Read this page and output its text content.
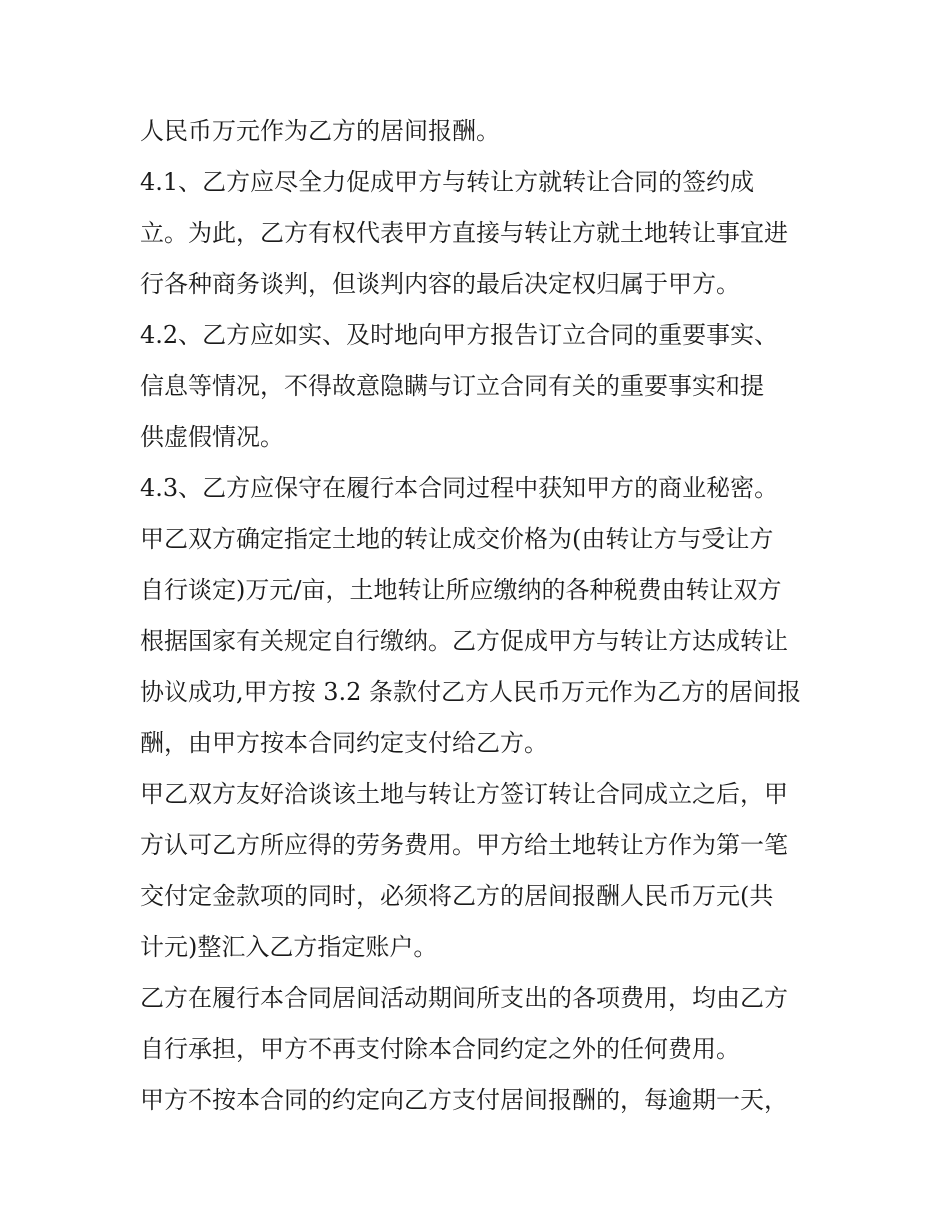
人民币万元作为乙方的居间报酬。
4.1、乙方应尽全力促成甲方与转让方就转让合同的签约成
立。为此，乙方有权代表甲方直接与转让方就土地转让事宜进
行各种商务谈判，但谈判内容的最后决定权归属于甲方。
4.2、乙方应如实、及时地向甲方报告订立合同的重要事实、
信息等情况，不得故意隐瞒与订立合同有关的重要事实和提
供虚假情况。
4.3、乙方应保守在履行本合同过程中获知甲方的商业秘密。
甲乙双方确定指定土地的转让成交价格为(由转让方与受让方
自行谈定)万元/亩，土地转让所应缴纳的各种税费由转让双方
根据国家有关规定自行缴纳。乙方促成甲方与转让方达成转让
协议成功,甲方按 3.2 条款付乙方人民币万元作为乙方的居间报
酬，由甲方按本合同约定支付给乙方。
甲乙双方友好洽谈该土地与转让方签订转让合同成立之后，甲
方认可乙方所应得的劳务费用。甲方给土地转让方作为第一笔
交付定金款项的同时，必须将乙方的居间报酬人民币万元(共
计元)整汇入乙方指定账户。
乙方在履行本合同居间活动期间所支出的各项费用，均由乙方
自行承担，甲方不再支付除本合同约定之外的任何费用。
甲方不按本合同的约定向乙方支付居间报酬的，每逾期一天，
